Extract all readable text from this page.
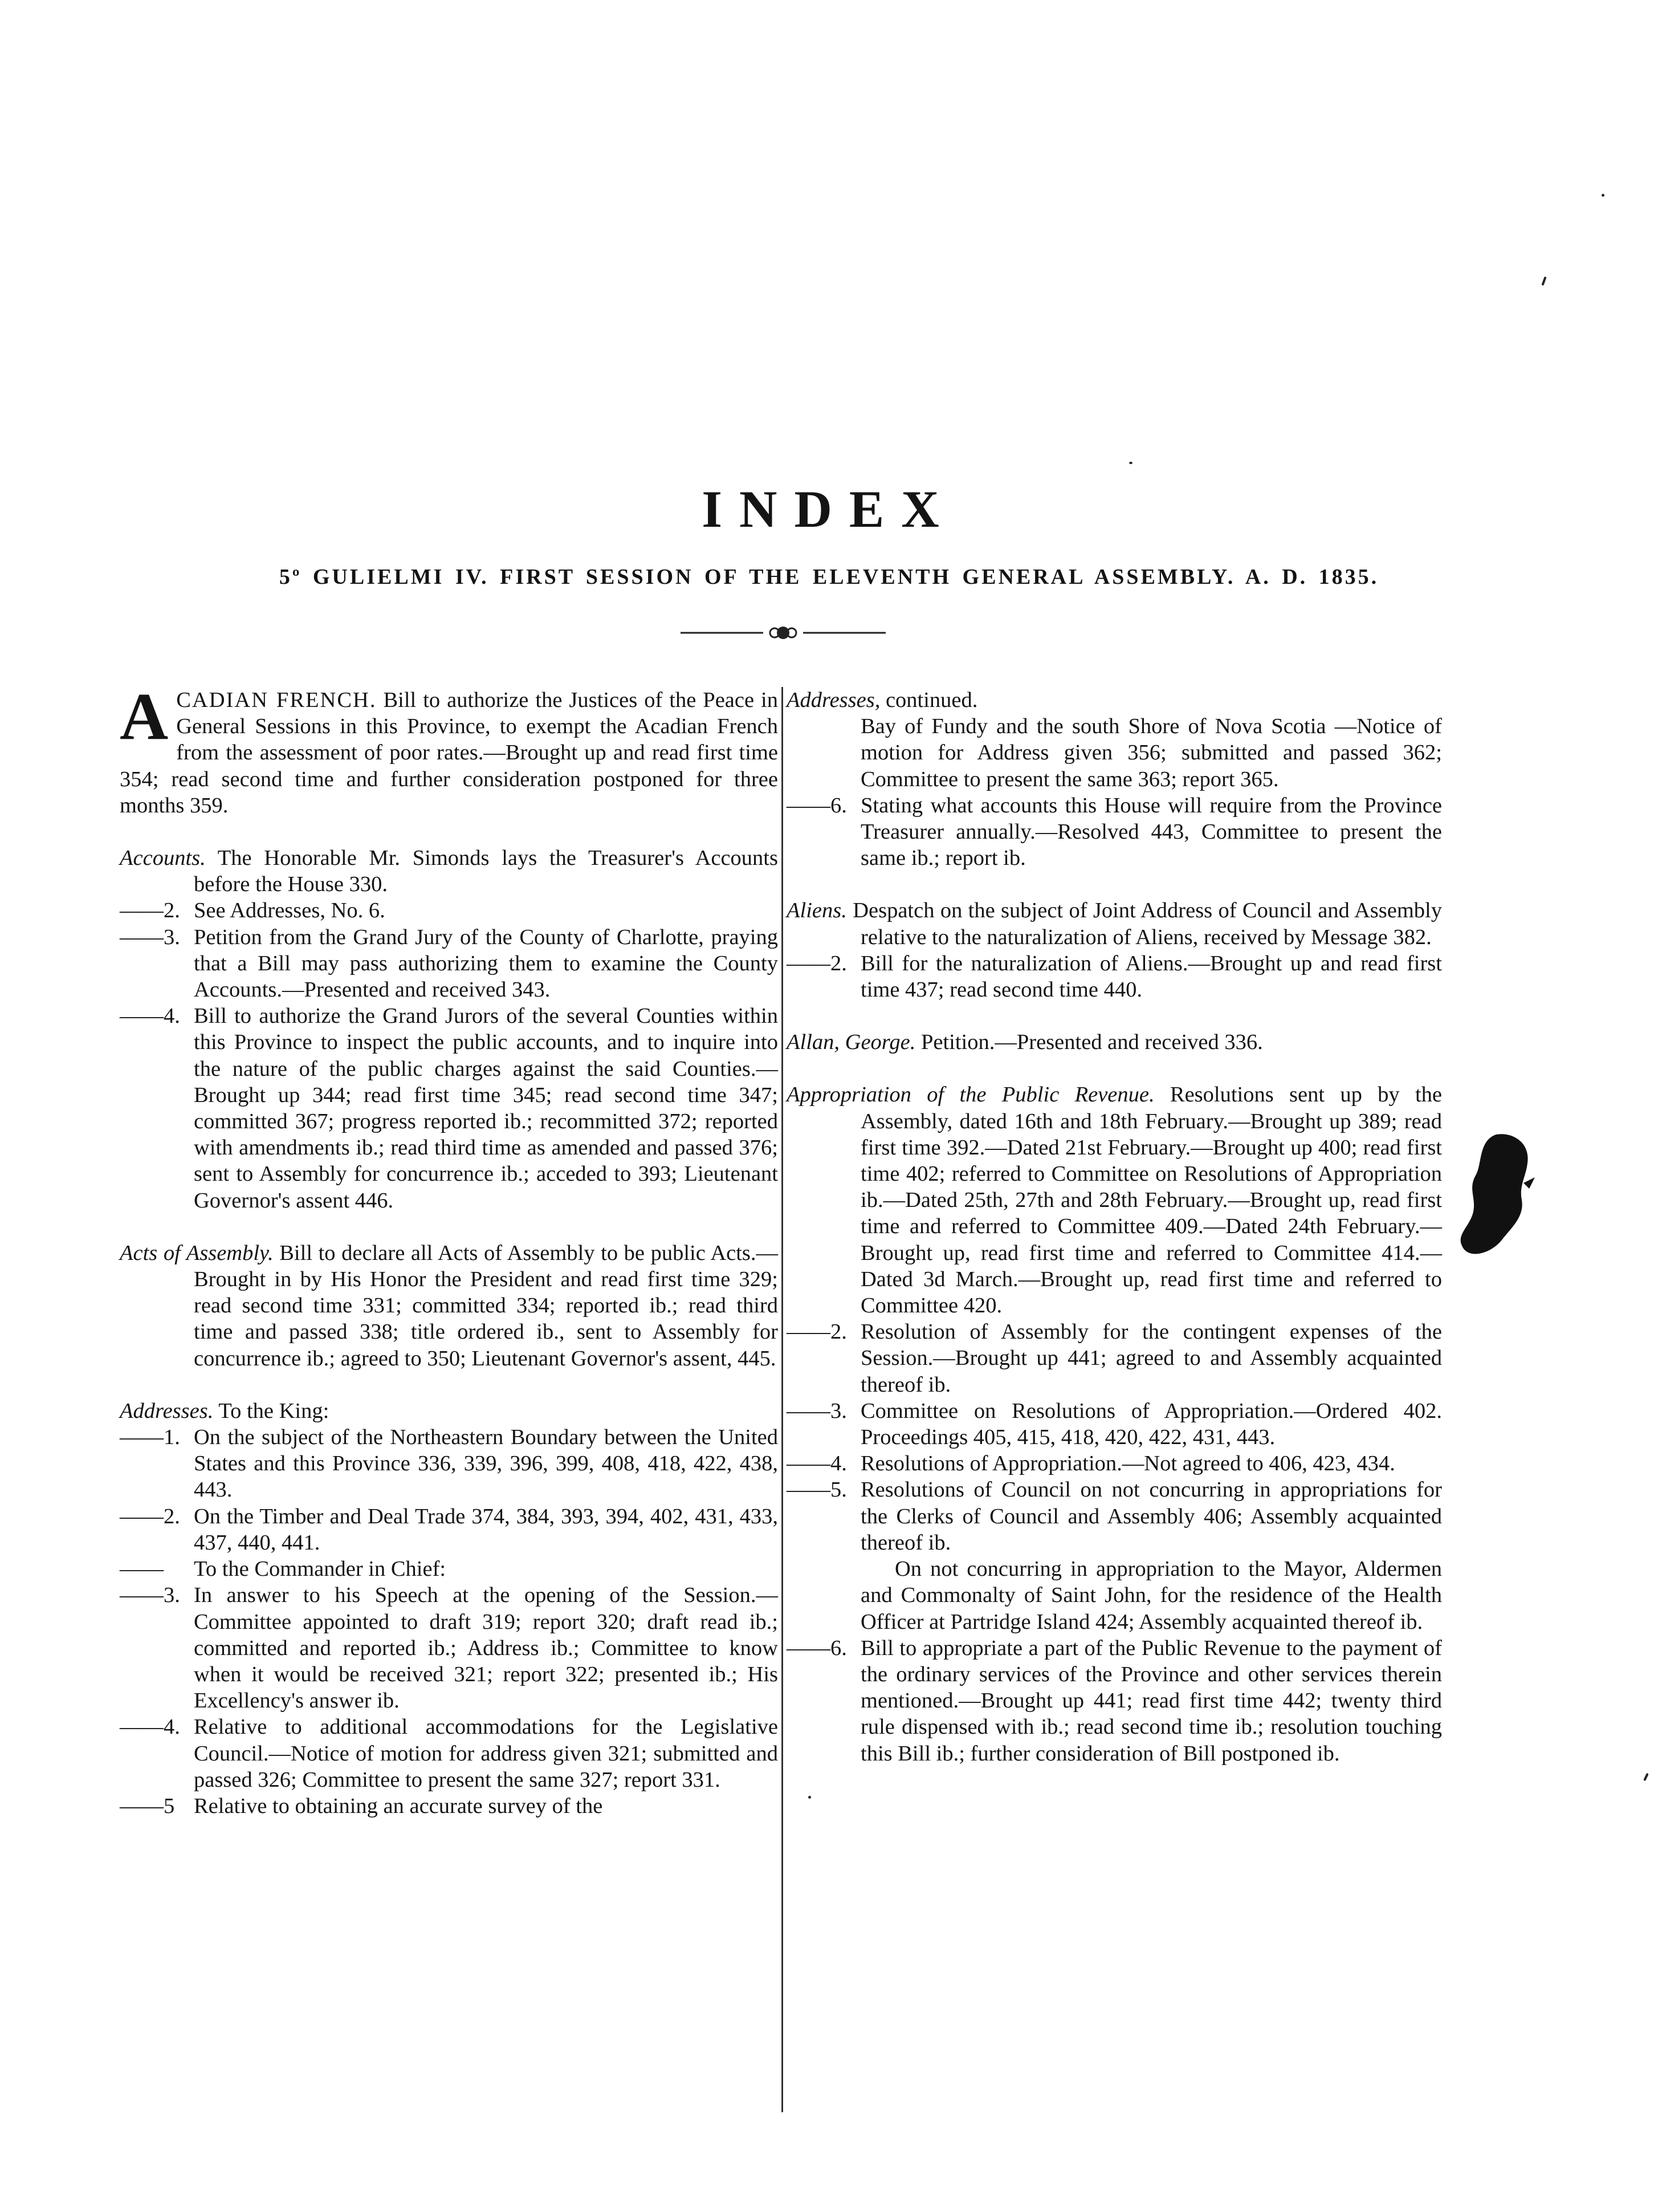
INDEX
5º GULIELMI IV. FIRST SESSION OF THE ELEVENTH GENERAL ASSEMBLY. A. D. 1835.
A CADIAN FRENCH. Bill to authorize the Justices of the Peace in General Sessions in this Province, to exempt the Acadian French from the assessment of poor rates.—Brought up and read first time 354; read second time and further consideration postponed for three months 359.
Accounts. The Honorable Mr. Simonds lays the Treasurer's Accounts before the House 330.
——2. See Addresses, No. 6.
——3. Petition from the Grand Jury of the County of Charlotte, praying that a Bill may pass authorizing them to examine the County Accounts.—Presented and received 343.
——4. Bill to authorize the Grand Jurors of the several Counties within this Province to inspect the public accounts, and to inquire into the nature of the public charges against the said Counties.—Brought up 344; read first time 345; read second time 347; committed 367; progress reported ib.; recommitted 372; reported with amendments ib.; read third time as amended and passed 376; sent to Assembly for concurrence ib.; acceded to 393; Lieutenant Governor's assent 446.
Acts of Assembly. Bill to declare all Acts of Assembly to be public Acts.—Brought in by His Honor the President and read first time 329; read second time 331; committed 334; reported ib.; read third time and passed 338; title ordered ib., sent to Assembly for concurrence ib.; agreed to 350; Lieutenant Governor's assent, 445.
Addresses. To the King:
——1. On the subject of the Northeastern Boundary between the United States and this Province 336, 339, 396, 399, 408, 418, 422, 438, 443.
——2. On the Timber and Deal Trade 374, 384, 393, 394, 402, 431, 433, 437, 440, 441.
——	To the Commander in Chief:
——3. In answer to his Speech at the opening of the Session.—Committee appointed to draft 319; report 320; draft read ib.; committed and reported ib.; Address ib.; Committee to know when it would be received 321; report 322; presented ib.; His Excellency's answer ib.
——4. Relative to additional accommodations for the Legislative Council.—Notice of motion for address given 321; submitted and passed 326; Committee to present the same 327; report 331.
——5 Relative to obtaining an accurate survey of the
Addresses, continued.
Bay of Fundy and the south Shore of Nova Scotia —Notice of motion for Address given 356; submitted and passed 362; Committee to present the same 363; report 365.
——6. Stating what accounts this House will require from the Province Treasurer annually.—Resolved 443, Committee to present the same ib.; report ib.
Aliens. Despatch on the subject of Joint Address of Council and Assembly relative to the naturalization of Aliens, received by Message 382.
——2. Bill for the naturalization of Aliens.—Brought up and read first time 437; read second time 440.
Allan, George. Petition.—Presented and received 336.
Appropriation of the Public Revenue. Resolutions sent up by the Assembly, dated 16th and 18th February.—Brought up 389; read first time 392.—Dated 21st February.—Brought up 400; read first time 402; referred to Committee on Resolutions of Appropriation ib.—Dated 25th, 27th and 28th February.—Brought up, read first time and referred to Committee 409.—Dated 24th February.—Brought up, read first time and referred to Committee 414.—Dated 3d March.—Brought up, read first time and referred to Committee 420.
——2. Resolution of Assembly for the contingent expenses of the Session.—Brought up 441; agreed to and Assembly acquainted thereof ib.
——3. Committee on Resolutions of Appropriation.—Ordered 402. Proceedings 405, 415, 418, 420, 422, 431, 443.
——4. Resolutions of Appropriation.—Not agreed to 406, 423, 434.
——5. Resolutions of Council on not concurring in appropriations for the Clerks of Council and Assembly 406; Assembly acquainted thereof ib.
On not concurring in appropriation to the Mayor, Aldermen and Commonalty of Saint John, for the residence of the Health Officer at Partridge Island 424; Assembly acquainted thereof ib.
——6. Bill to appropriate a part of the Public Revenue to the payment of the ordinary services of the Province and other services therein mentioned.—Brought up 441; read first time 442; twenty third rule dispensed with ib.; read second time ib.; resolution touching this Bill ib.; further consideration of Bill postponed ib.
